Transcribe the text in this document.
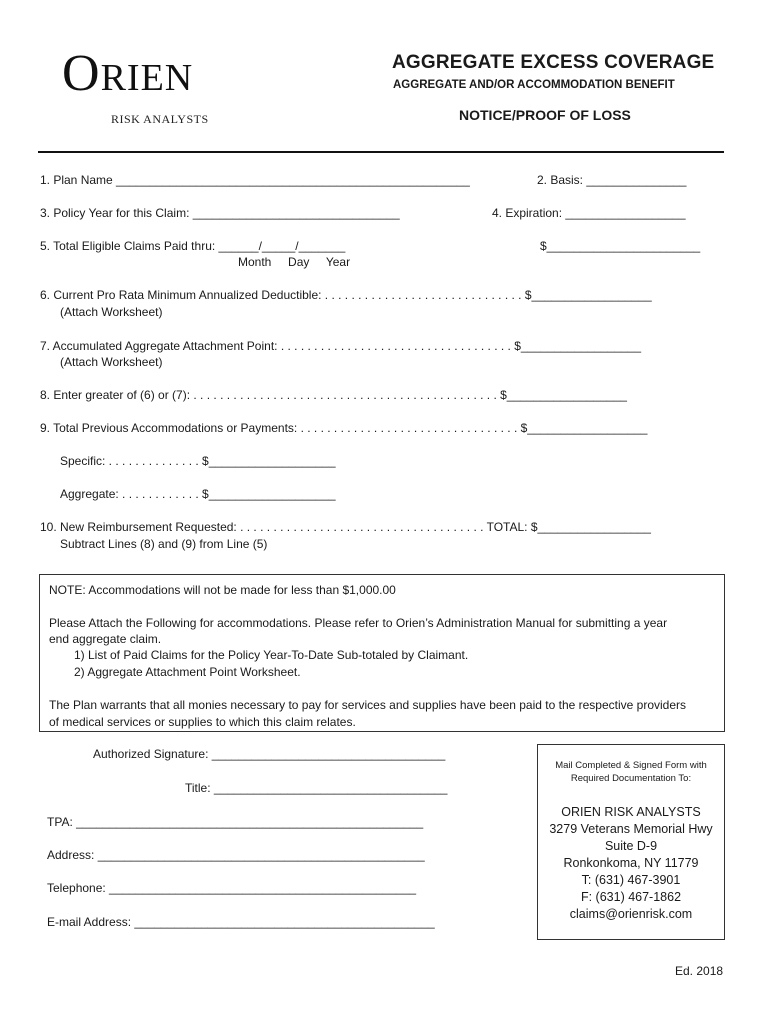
ORIEN
RISK ANALYSTS
AGGREGATE EXCESS COVERAGE
AGGREGATE AND/OR ACCOMMODATION BENEFIT
NOTICE/PROOF OF LOSS
1. Plan Name _____________________________________________________	2. Basis: _______________
3. Policy Year for this Claim: _______________________________	4. Expiration: __________________
5. Total Eligible Claims Paid thru: ______/_____/_______	$_______________________
Month     Day     Year
6. Current Pro Rata Minimum Annualized Deductible: . . . . . . . . . . . . . . . . . . . . . . . . . . . . . . $__________________
(Attach Worksheet)
7. Accumulated Aggregate Attachment Point: . . . . . . . . . . . . . . . . . . . . . . . . . . . . . . . . . . . $__________________
(Attach Worksheet)
8. Enter greater of (6) or (7): . . . . . . . . . . . . . . . . . . . . . . . . . . . . . . . . . . . . . . . . . . . . . . $__________________
9. Total Previous Accommodations or Payments: . . . . . . . . . . . . . . . . . . . . . . . . . . . . . . . . . $__________________
Specific: . . . . . . . . . . . . . . $___________________
Aggregate: . . . . . . . . . . . . $___________________
10. New Reimbursement Requested: . . . . . . . . . . . . . . . . . . . . . . . . . . . . . . . . . . . . . TOTAL: $_________________
Subtract Lines (8) and (9) from Line (5)
NOTE: Accommodations will not be made for less than $1,000.00
Please Attach the Following for accommodations. Please refer to Orien’s Administration Manual for submitting a year
end aggregate claim.
1) List of Paid Claims for the Policy Year-To-Date Sub-totaled by Claimant.
2) Aggregate Attachment Point Worksheet.
The Plan warrants that all monies necessary to pay for services and supplies have been paid to the respective providers
of medical services or supplies to which this claim relates.
Authorized Signature: ___________________________________
Title: ___________________________________
TPA: ____________________________________________________
Address: _________________________________________________
Telephone: ______________________________________________
E-mail Address: _____________________________________________
Mail Completed & Signed Form with
Required Documentation To:
ORIEN RISK ANALYSTS
3279 Veterans Memorial Hwy
Suite D-9
Ronkonkoma, NY 11779
T: (631) 467-3901
F: (631) 467-1862
claims@orienrisk.com
Ed. 2018
